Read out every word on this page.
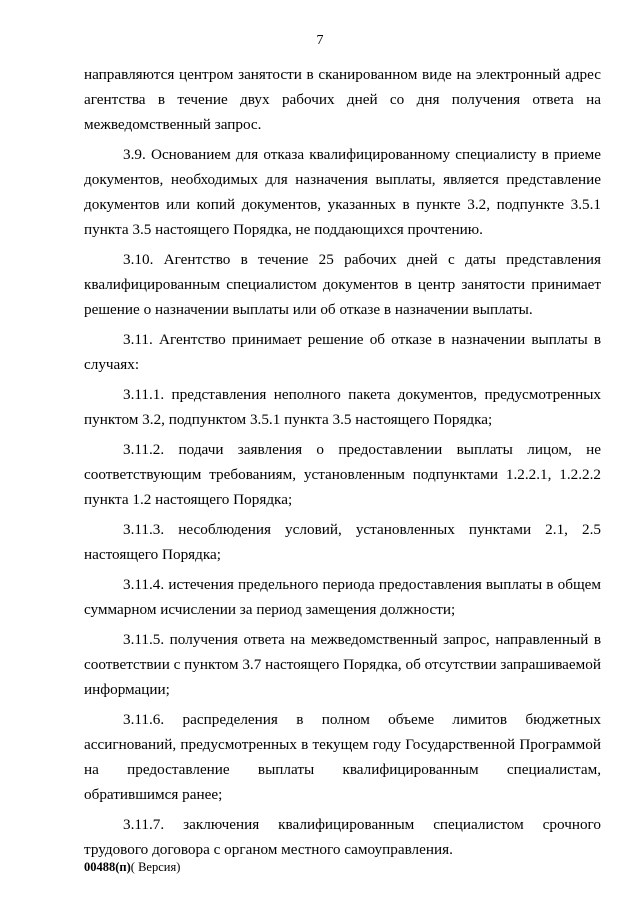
7

направляются центром занятости в сканированном виде на электронный адрес агентства в течение двух рабочих дней со дня получения ответа на межведомственный запрос.

3.9. Основанием для отказа квалифицированному специалисту в приеме документов, необходимых для назначения выплаты, является представление документов или копий документов, указанных в пункте 3.2, подпункте 3.5.1 пункта 3.5 настоящего Порядка, не поддающихся прочтению.

3.10. Агентство в течение 25 рабочих дней с даты представления квалифицированным специалистом документов в центр занятости принимает решение о назначении выплаты или об отказе в назначении выплаты.

3.11. Агентство принимает решение об отказе в назначении выплаты в случаях:

3.11.1. представления неполного пакета документов, предусмотренных пунктом 3.2, подпунктом 3.5.1 пункта 3.5 настоящего Порядка;

3.11.2. подачи заявления о предоставлении выплаты лицом, не соответствующим требованиям, установленным подпунктами 1.2.2.1, 1.2.2.2 пункта 1.2 настоящего Порядка;

3.11.3. несоблюдения условий, установленных пунктами 2.1, 2.5 настоящего Порядка;

3.11.4. истечения предельного периода предоставления выплаты в общем суммарном исчислении за период замещения должности;

3.11.5. получения ответа на межведомственный запрос, направленный в соответствии с пунктом 3.7 настоящего Порядка, об отсутствии запрашиваемой информации;

3.11.6. распределения в полном объеме лимитов бюджетных ассигнований, предусмотренных в текущем году Государственной Программой на предоставление выплаты квалифицированным специалистам, обратившимся ранее;

3.11.7. заключения квалифицированным специалистом срочного трудового договора с органом местного самоуправления.

00488(п)( Версия)
